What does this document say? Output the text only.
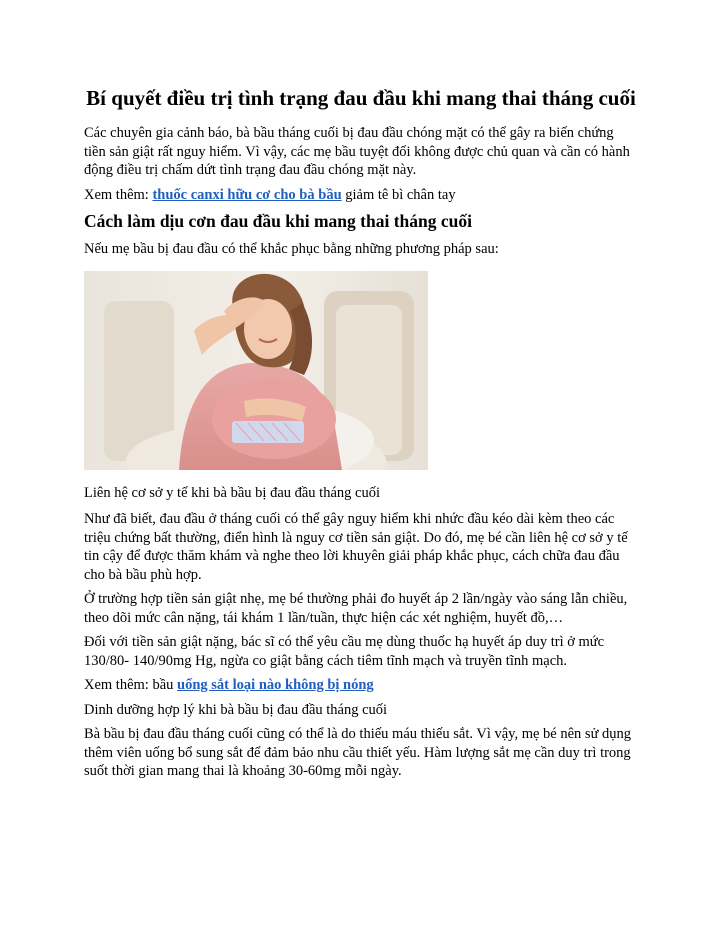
Bí quyết điều trị tình trạng đau đầu khi mang thai tháng cuối

Các chuyên gia cảnh báo, bà bầu tháng cuối bị đau đầu chóng mặt có thể gây ra biến chứng tiền sản giật rất nguy hiểm. Vì vậy, các mẹ bầu tuyệt đối không được chủ quan và cần có hành động điều trị chấm dứt tình trạng đau đầu chóng mặt này.

Xem thêm: thuốc canxi hữu cơ cho bà bầu giảm tê bì chân tay

Cách làm dịu cơn đau đầu khi mang thai tháng cuối

Nếu mẹ bầu bị đau đầu có thể khắc phục bằng những phương pháp sau:

Liên hệ cơ sở y tế khi bà bầu bị đau đầu tháng cuối

Như đã biết, đau đầu ở tháng cuối có thể gây nguy hiểm khi nhức đầu kéo dài kèm theo các triệu chứng bất thường, điển hình là nguy cơ tiền sản giật. Do đó, mẹ bé cần liên hệ cơ sở y tế tin cậy để được thăm khám và nghe theo lời khuyên giải pháp khắc phục, cách chữa đau đầu cho bà bầu phù hợp.

Ở trường hợp tiền sản giật nhẹ, mẹ bé thường phải đo huyết áp 2 lần/ngày vào sáng lẫn chiều, theo dõi mức cân nặng, tái khám 1 lần/tuần, thực hiện các xét nghiệm, huyết đồ,…

Đối với tiền sản giật nặng, bác sĩ có thể yêu cầu mẹ dùng thuốc hạ huyết áp duy trì ở mức 130/80- 140/90mg Hg, ngừa co giật bằng cách tiêm tĩnh mạch và truyền tĩnh mạch.

Xem thêm: bầu uống sắt loại nào không bị nóng

Dinh dưỡng hợp lý khi bà bầu bị đau đầu tháng cuối

Bà bầu bị đau đầu tháng cuối cũng có thể là do thiếu máu thiếu sắt. Vì vậy, mẹ bé nên sử dụng thêm viên uống bổ sung sắt để đảm bảo nhu cầu thiết yếu. Hàm lượng sắt mẹ cần duy trì trong suốt thời gian mang thai là khoảng 30-60mg mỗi ngày.
